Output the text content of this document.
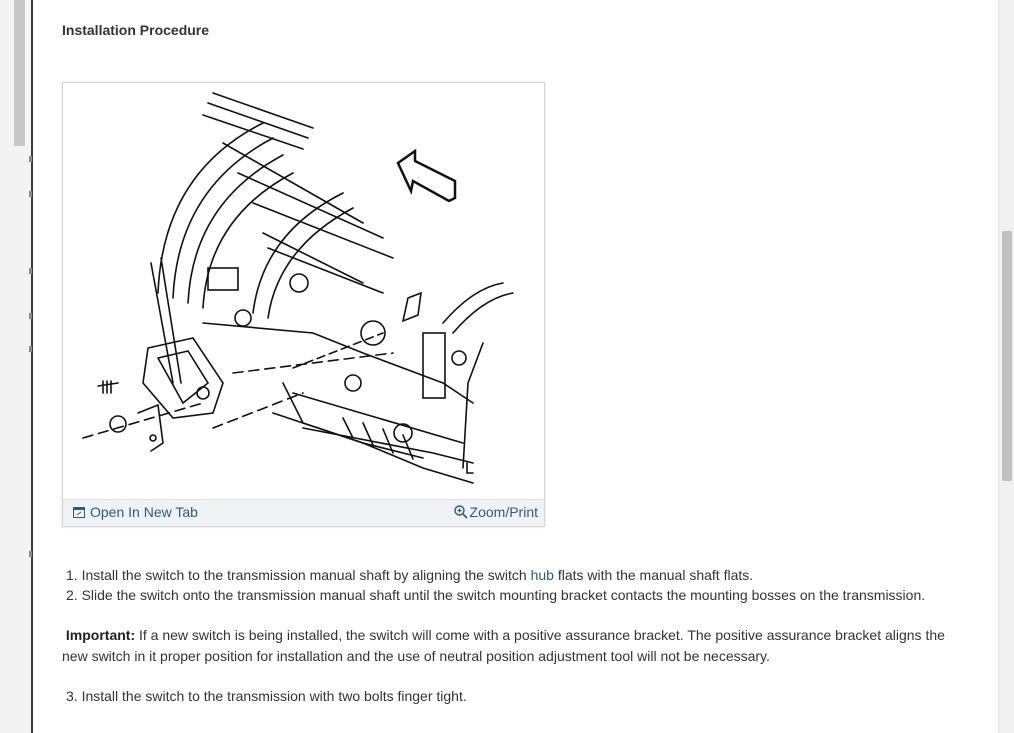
Installation Procedure
Open In New Tab	Zoom/Print

1. Install the switch to the transmission manual shaft by aligning the switch hub flats with the manual shaft flats.

2. Slide the switch onto the transmission manual shaft until the switch mounting bracket contacts the mounting bosses on the transmission.

Important: If a new switch is being installed, the switch will come with a positive assurance bracket. The positive assurance bracket aligns the new switch in it proper position for installation and the use of neutral position adjustment tool will not be necessary.

3. Install the switch to the transmission with two bolts finger tight.
